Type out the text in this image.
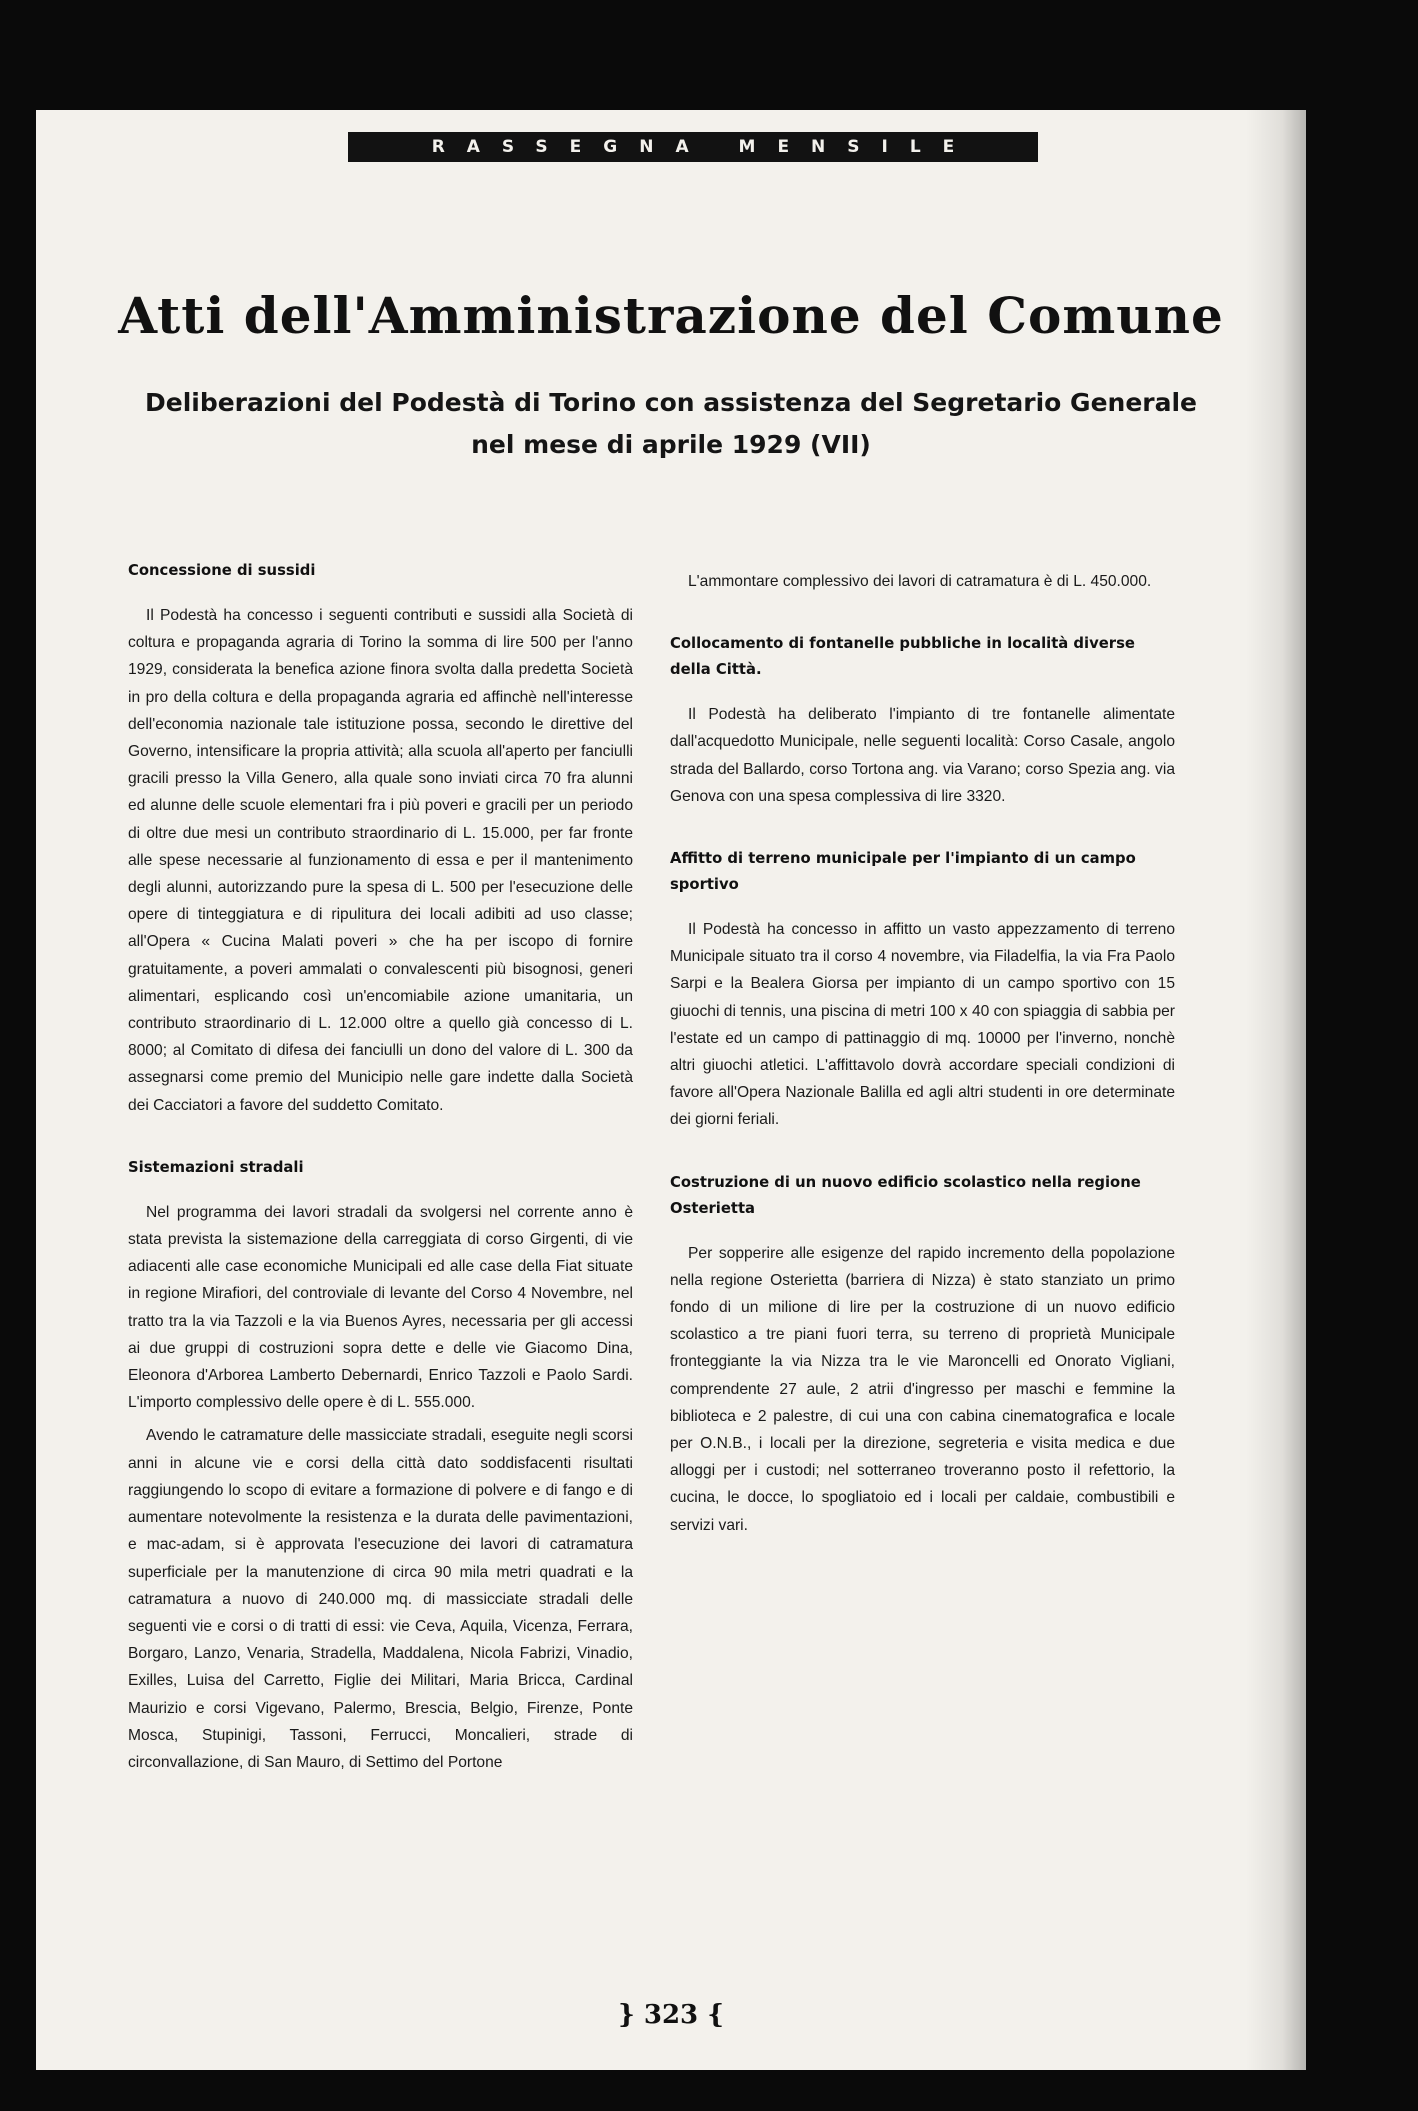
RASSEGNA MENSILE
Atti dell'Amministrazione del Comune
Deliberazioni del Podestà di Torino con assistenza del Segretario Generale
nel mese di aprile 1929 (VII)
Concessione di sussidi

Il Podestà ha concesso i seguenti contributi e sussidi alla Società di coltura e propaganda agraria di Torino la somma di lire 500 per l'anno 1929, considerata la benefica azione finora svolta dalla predetta Società in pro della coltura e della propaganda agraria ed affinchè nell'interesse dell'economia nazionale tale istituzione possa, secondo le direttive del Governo, intensificare la propria attività; alla scuola all'aperto per fanciulli gracili presso la Villa Genero, alla quale sono inviati circa 70 fra alunni ed alunne delle scuole elementari fra i più poveri e gracili per un periodo di oltre due mesi un contributo straordinario di L. 15.000, per far fronte alle spese necessarie al funzionamento di essa e per il mantenimento degli alunni, autorizzando pure la spesa di L. 500 per l'esecuzione delle opere di tinteggiatura e di ripulitura dei locali adibiti ad uso classe; all'Opera « Cucina Malati poveri » che ha per iscopo di fornire gratuitamente, a poveri ammalati o convalescenti più bisognosi, generi alimentari, esplicando così un'encomiabile azione umanitaria, un contributo straordinario di L. 12.000 oltre a quello già concesso di L. 8000; al Comitato di difesa dei fanciulli un dono del valore di L. 300 da assegnarsi come premio del Municipio nelle gare indette dalla Società dei Cacciatori a favore del suddetto Comitato.

Sistemazioni stradali

Nel programma dei lavori stradali da svolgersi nel corrente anno è stata prevista la sistemazione della carreggiata di corso Girgenti, di vie adiacenti alle case economiche Municipali ed alle case della Fiat situate in regione Mirafiori, del controviale di levante del Corso 4 Novembre, nel tratto tra la via Tazzoli e la via Buenos Ayres, necessaria per gli accessi ai due gruppi di costruzioni sopra dette e delle vie Giacomo Dina, Eleonora d'Arborea Lamberto Debernardi, Enrico Tazzoli e Paolo Sardi. L'importo complessivo delle opere è di L. 555.000.

Avendo le catramature delle massicciate stradali, eseguite negli scorsi anni in alcune vie e corsi della città dato soddisfacenti risultati raggiungendo lo scopo di evitare a formazione di polvere e di fango e di aumentare notevolmente la resistenza e la durata delle pavimentazioni, e mac-adam, si è approvata l'esecuzione dei lavori di catramatura superficiale per la manutenzione di circa 90 mila metri quadrati e la catramatura a nuovo di 240.000 mq. di massicciate stradali delle seguenti vie e corsi o di tratti di essi: vie Ceva, Aquila, Vicenza, Ferrara, Borgaro, Lanzo, Venaria, Stradella, Maddalena, Nicola Fabrizi, Vinadio, Exilles, Luisa del Carretto, Figlie dei Militari, Maria Bricca, Cardinal Maurizio e corsi Vigevano, Palermo, Brescia, Belgio, Firenze, Ponte Mosca, Stupinigi, Tassoni, Ferrucci, Moncalieri, strade di circonvallazione, di San Mauro, di Settimo del Portone

L'ammontare complessivo dei lavori di catramatura è di L. 450.000.

Collocamento di fontanelle pubbliche in località diverse della Città.

Il Podestà ha deliberato l'impianto di tre fontanelle alimentate dall'acquedotto Municipale, nelle seguenti località: Corso Casale, angolo strada del Ballardo, corso Tortona ang. via Varano; corso Spezia ang. via Genova con una spesa complessiva di lire 3320.

Affitto di terreno municipale per l'impianto di un campo sportivo

Il Podestà ha concesso in affitto un vasto appezzamento di terreno Municipale situato tra il corso 4 novembre, via Filadelfia, la via Fra Paolo Sarpi e la Bealera Giorsa per impianto di un campo sportivo con 15 giuochi di tennis, una piscina di metri 100 x 40 con spiaggia di sabbia per l'estate ed un campo di pattinaggio di mq. 10000 per l'inverno, nonchè altri giuochi atletici. L'affittavolo dovrà accordare speciali condizioni di favore all'Opera Nazionale Balilla ed agli altri studenti in ore determinate dei giorni feriali.

Costruzione di un nuovo edificio scolastico nella regione Osterietta

Per sopperire alle esigenze del rapido incremento della popolazione nella regione Osterietta (barriera di Nizza) è stato stanziato un primo fondo di un milione di lire per la costruzione di un nuovo edificio scolastico a tre piani fuori terra, su terreno di proprietà Municipale fronteggiante la via Nizza tra le vie Maroncelli ed Onorato Vigliani, comprendente 27 aule, 2 atrii d'ingresso per maschi e femmine la biblioteca e 2 palestre, di cui una con cabina cinematografica e locale per O.N.B., i locali per la direzione, segreteria e visita medica e due alloggi per i custodi; nel sotterraneo troveranno posto il refettorio, la cucina, le docce, lo spogliatoio ed i locali per caldaie, combustibili e servizi vari.

} 323 {
